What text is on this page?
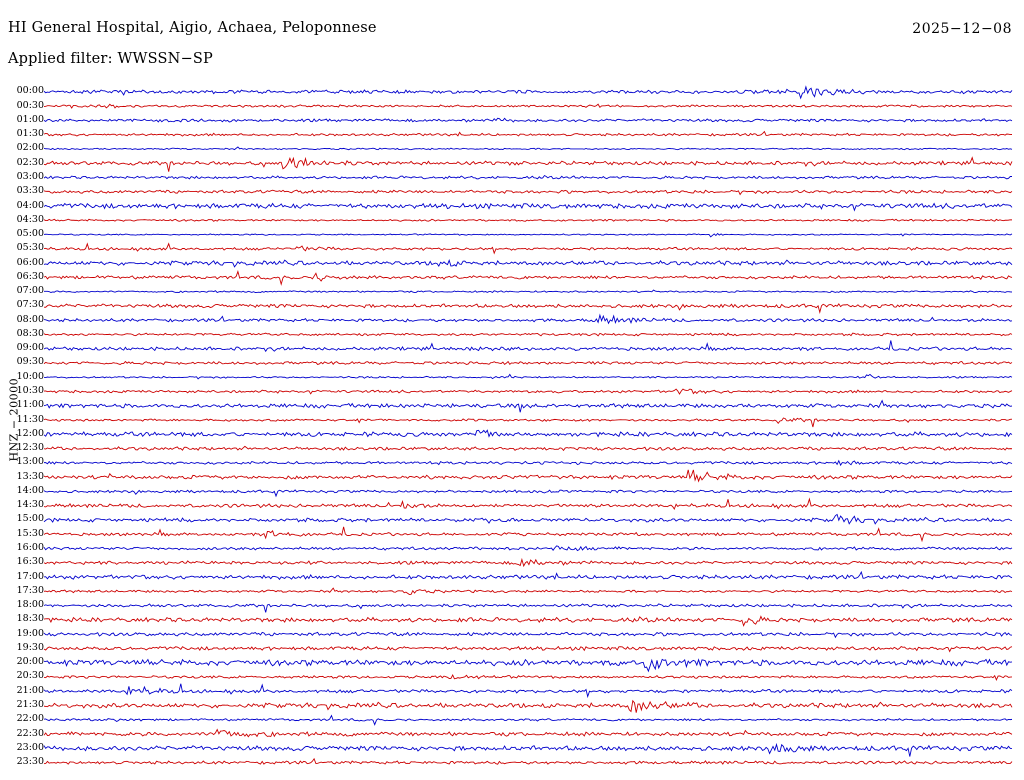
HI General Hospital, Aigio, Achaea, Peloponnese	2025−12−08
Applied filter: WWSSN−SP
HNZ − 20000
00:00
00:30
01:00
01:30
02:00
02:30
03:00
03:30
04:00
04:30
05:00
05:30
06:00
06:30
07:00
07:30
08:00
08:30
09:00
09:30
10:00
10:30
11:00
11:30
12:00
12:30
13:00
13:30
14:00
14:30
15:00
15:30
16:00
16:30
17:00
17:30
18:00
18:30
19:00
19:30
20:00
20:30
21:00
21:30
22:00
22:30
23:00
23:30
